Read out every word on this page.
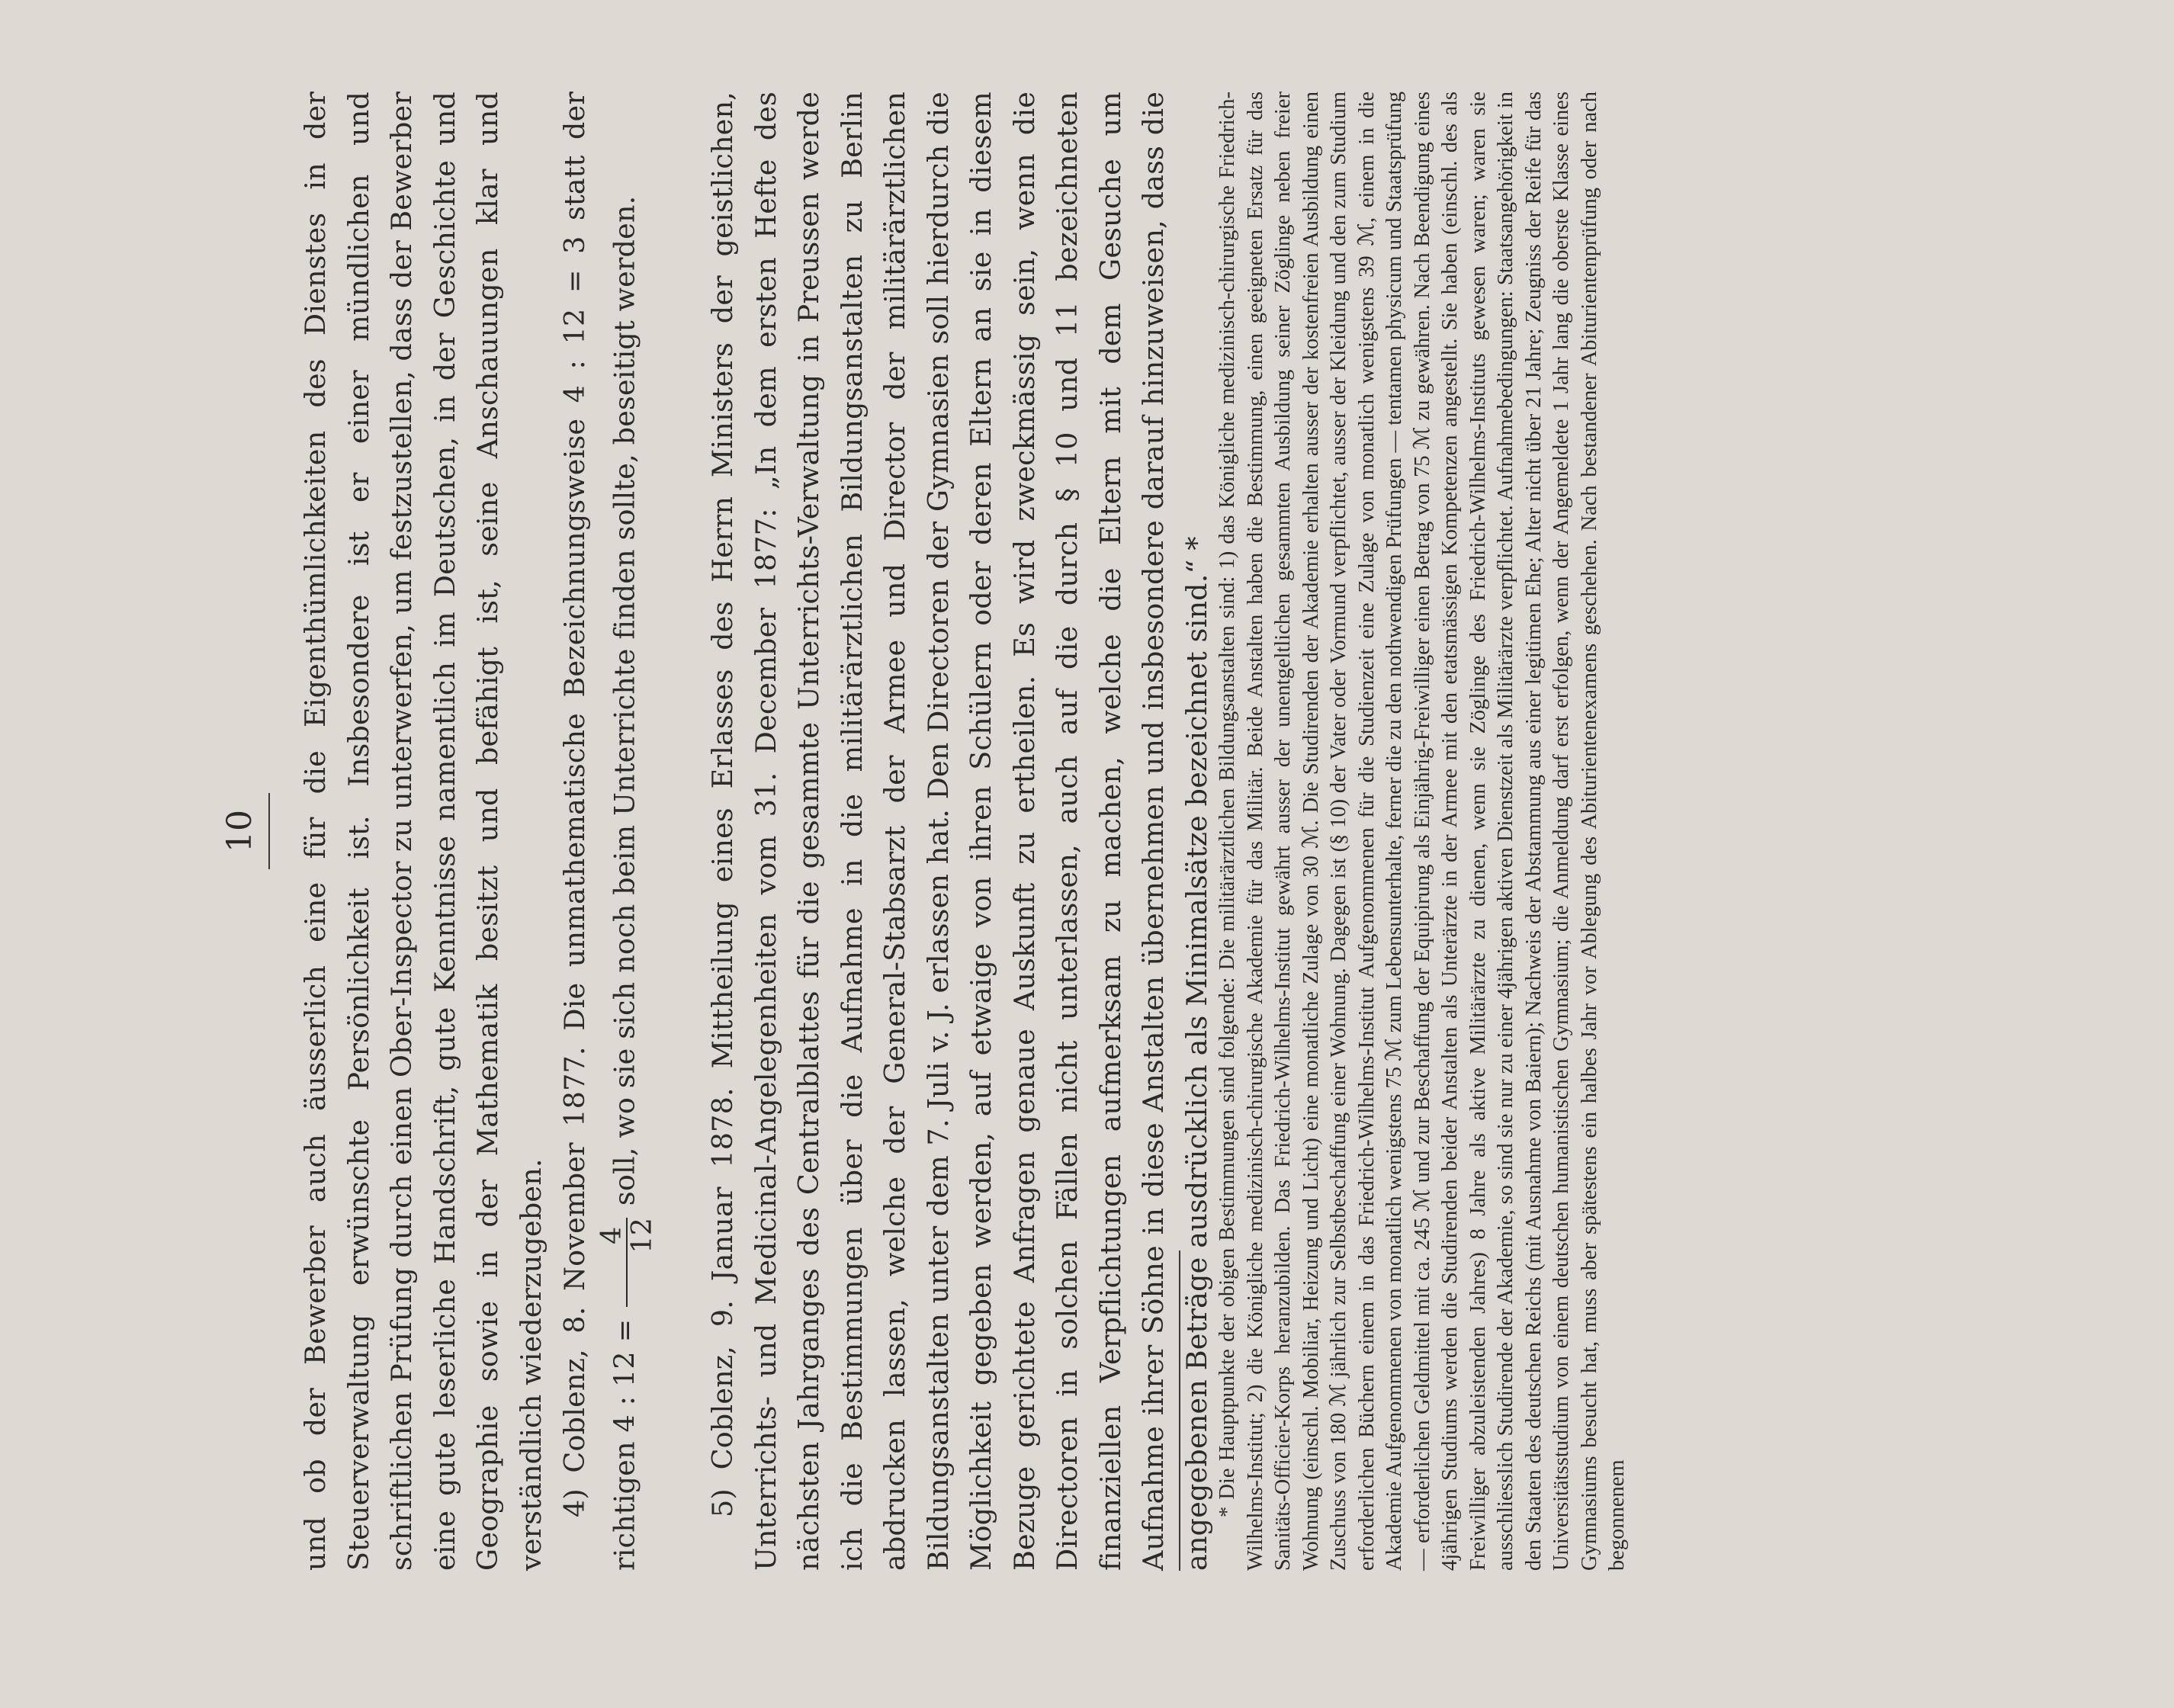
10 und ob der Bewerber auch äusserlich eine für die Eigenthümlichkeiten des Dienstes in der Steuerverwaltung erwünschte Persönlichkeit ist. Insbesondere ist er einer mündlichen und schriftlichen Prüfung durch einen Ober-Inspector zu unterwerfen, um festzustellen, dass der Bewerber eine gute leserliche Handschrift, gute Kenntnisse namentlich im Deutschen, in der Geschichte und Geographie sowie in der Mathematik besitzt und befähigt ist, seine Anschauungen klar und verständlich wiederzugeben. 4) Coblenz, 8. November 1877. Die unmathematische Bezeichnungsweise 4 : 12 = 3 statt der richtigen 4 : 12 =
4
12
soll, wo sie sich noch beim Unterrichte finden sollte, beseitigt werden.	5) Coblenz, 9. Januar 1878. Mittheilung eines Erlasses des Herrn Ministers der geistlichen, Unterrichts- und Medicinal-Angelegenheiten vom 31. December 1877: „In dem ersten Hefte des nächsten Jahrganges des Centralblattes für die gesammte Unterrichts-Verwaltung in Preussen werde ich die Bestimmungen über die Aufnahme in die militärärztlichen Bildungsanstalten zu Berlin abdrucken lassen, welche der General-Stabsarzt der Armee und Director der militärärztlichen Bildungsanstalten unter dem 7. Juli v. J. erlassen hat. Den Directoren der Gymnasien soll hierdurch die Möglichkeit gegeben werden, auf etwaige von ihren Schülern oder deren Eltern an sie in diesem Bezuge gerichtete Anfragen genaue Auskunft zu ertheilen. Es wird zweckmässig sein, wenn die Directoren in solchen Fällen nicht unterlassen, auch auf die durch § 10 und 11 bezeichneten finanziellen Verpflichtungen aufmerksam zu machen, welche die Eltern mit dem Gesuche um Aufnahme ihrer Söhne in diese Anstalten übernehmen und insbesondere darauf hinzuweisen, dass die angegebenen Beträge ausdrücklich als Minimalsätze bezeichnet sind.“ * * Die Hauptpunkte der obigen Bestimmungen sind folgende: Die militärärztlichen Bildungsanstalten sind: 1) das Königliche medizinisch-chirurgische Friedrich-Wilhelms-Institut; 2) die Königliche medizinisch-chirurgische Akademie für das Militär. Beide Anstalten haben die Bestimmung, einen geeigneten Ersatz für das Sanitäts-Officier-Korps heranzubilden. Das Friedrich-Wilhelms-Institut gewährt ausser der unentgeltlichen gesammten Ausbildung seiner Zöglinge neben freier Wohnung (einschl. Mobiliar, Heizung und Licht) eine monatliche Zulage von 30 ℳ. Die Studirenden der Akademie erhalten ausser der kostenfreien Ausbildung einen Zuschuss von 180 ℳ jährlich zur Selbstbeschaffung einer Wohnung. Dagegen ist (§ 10) der Vater oder Vormund verpflichtet, ausser der Kleidung und den zum Studium erforderlichen Büchern einem in das Friedrich-Wilhelms-Institut Aufgenommenen für die Studienzeit eine Zulage von monatlich wenigstens 39 ℳ, einem in die Akademie Aufgenommenen von monatlich wenigstens 75 ℳ zum Lebensunterhalte, ferner die zu den nothwendigen Prüfungen — tentamen physicum und Staatsprüfung — erforderlichen Geldmittel mit ca. 245 ℳ und zur Beschaffung der Equipirung als Einjährig-Freiwilliger einen Betrag von 75 ℳ zu gewähren. Nach Beendigung eines 4jährigen Studiums werden die Studirenden beider Anstalten als Unterärzte in der Armee mit den etatsmässigen Kompetenzen angestellt. Sie haben (einschl. des als Freiwilliger abzuleistenden Jahres) 8 Jahre als aktive Militärärzte zu dienen, wenn sie Zöglinge des Friedrich-Wilhelms-Instituts gewesen waren; waren sie ausschliesslich Studirende der Akademie, so sind sie nur zu einer 4jährigen aktiven Dienstzeit als Militärärzte verpflichtet. Aufnahmebedingungen: Staatsangehörigkeit in den Staaten des deutschen Reichs (mit Ausnahme von Baiern); Nachweis der Abstammung aus einer legitimen Ehe; Alter nicht über 21 Jahre; Zeugniss der Reife für das Universitätsstudium von einem deutschen humanistischen Gymnasium; die Anmeldung darf erst erfolgen, wenn der Angemeldete 1 Jahr lang die oberste Klasse eines Gymnasiums besucht hat, muss aber spätestens ein halbes Jahr vor Ablegung des Abiturientenexamens geschehen. Nach bestandener Abiturientenprüfung oder nach begonnenem
